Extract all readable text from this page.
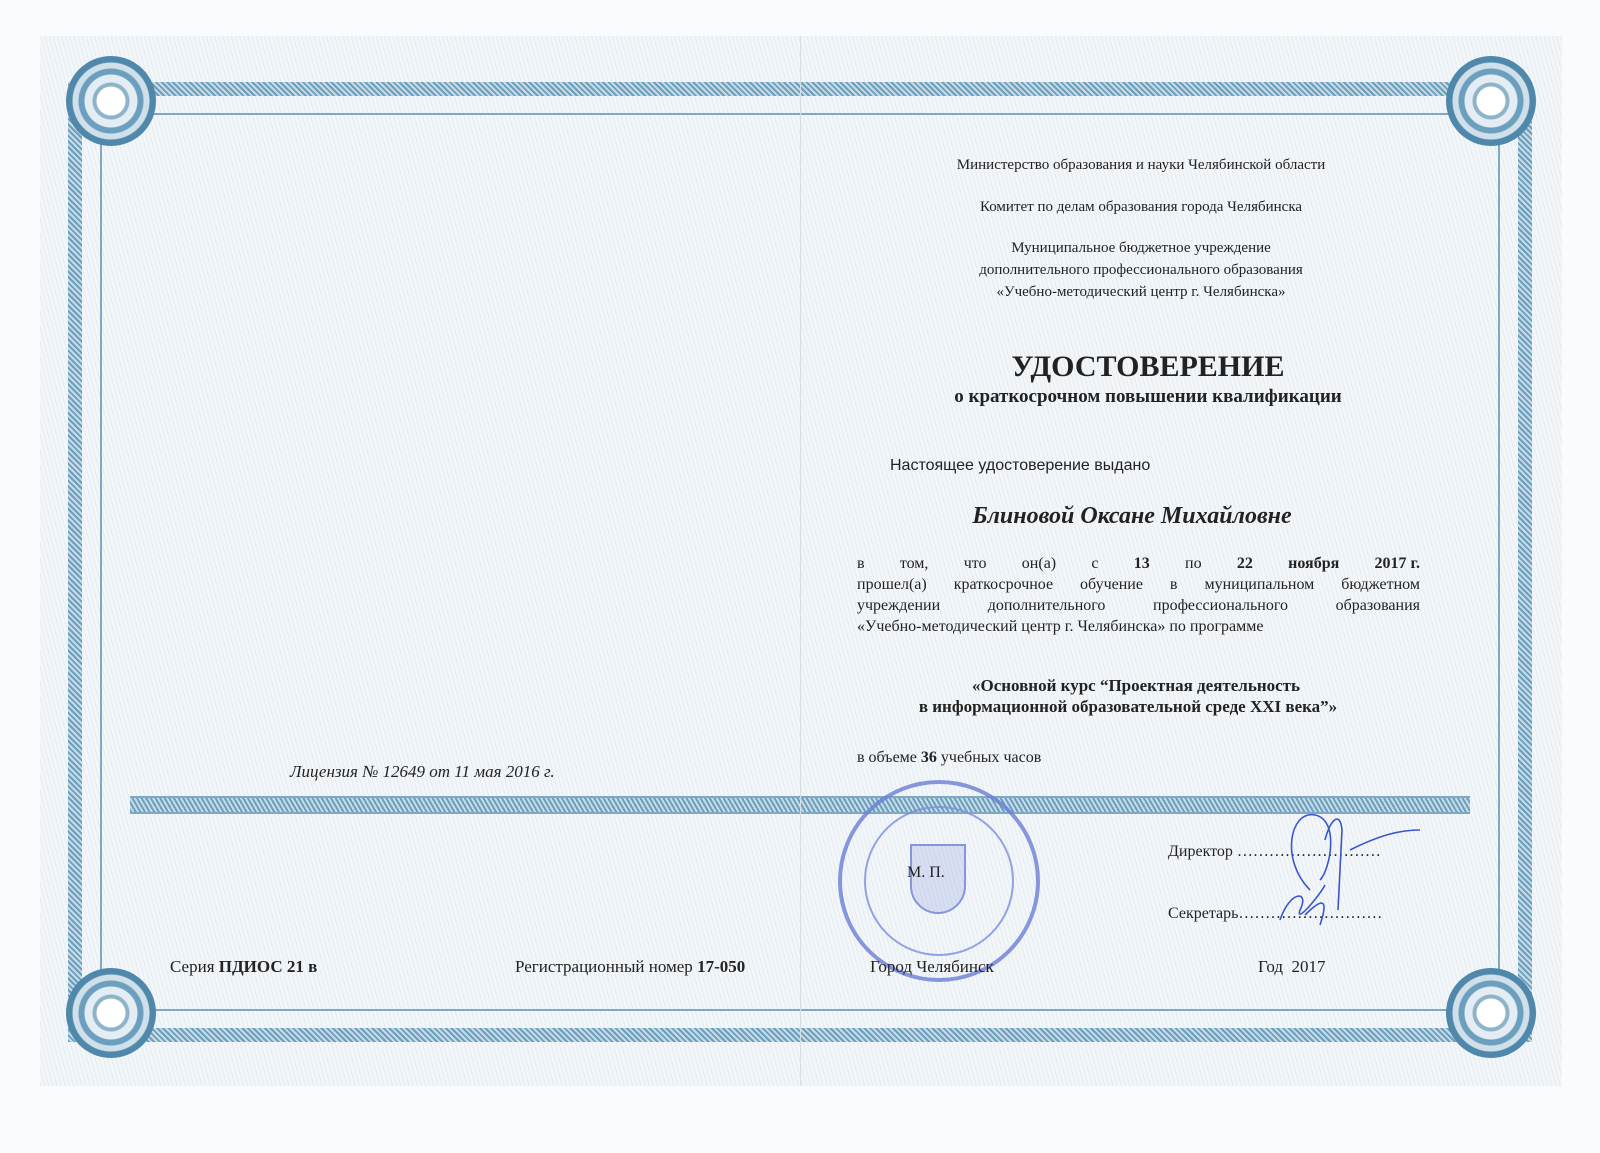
Министерство образования и науки Челябинской области
Комитет по делам образования города Челябинска
Муниципальное бюджетное учреждение
дополнительного профессионального образования
«Учебно-методический центр г. Челябинска»
УДОСТОВЕРЕНИЕ
о краткосрочном повышении квалификации
Настоящее удостоверение выдано
Блиновой Оксане Михайловне
в том, что он(а) с 13 по 22 ноября 2017 г.
прошел(а) краткосрочное обучение в муниципальном бюджетном
учреждении дополнительного профессионального образования
«Учебно-методический центр г. Челябинска» по программе
«Основной курс “Проектная деятельность
в информационной образовательной среде XXI века”»
в объеме 36 учебных часов
Лицензия № 12649 от 11 мая 2016 г.
М. П.
Директор ………………………
Секретарь………………………
Серия ПДИОС 21 в	Регистрационный номер 17-050	Город Челябинск	Год  2017
